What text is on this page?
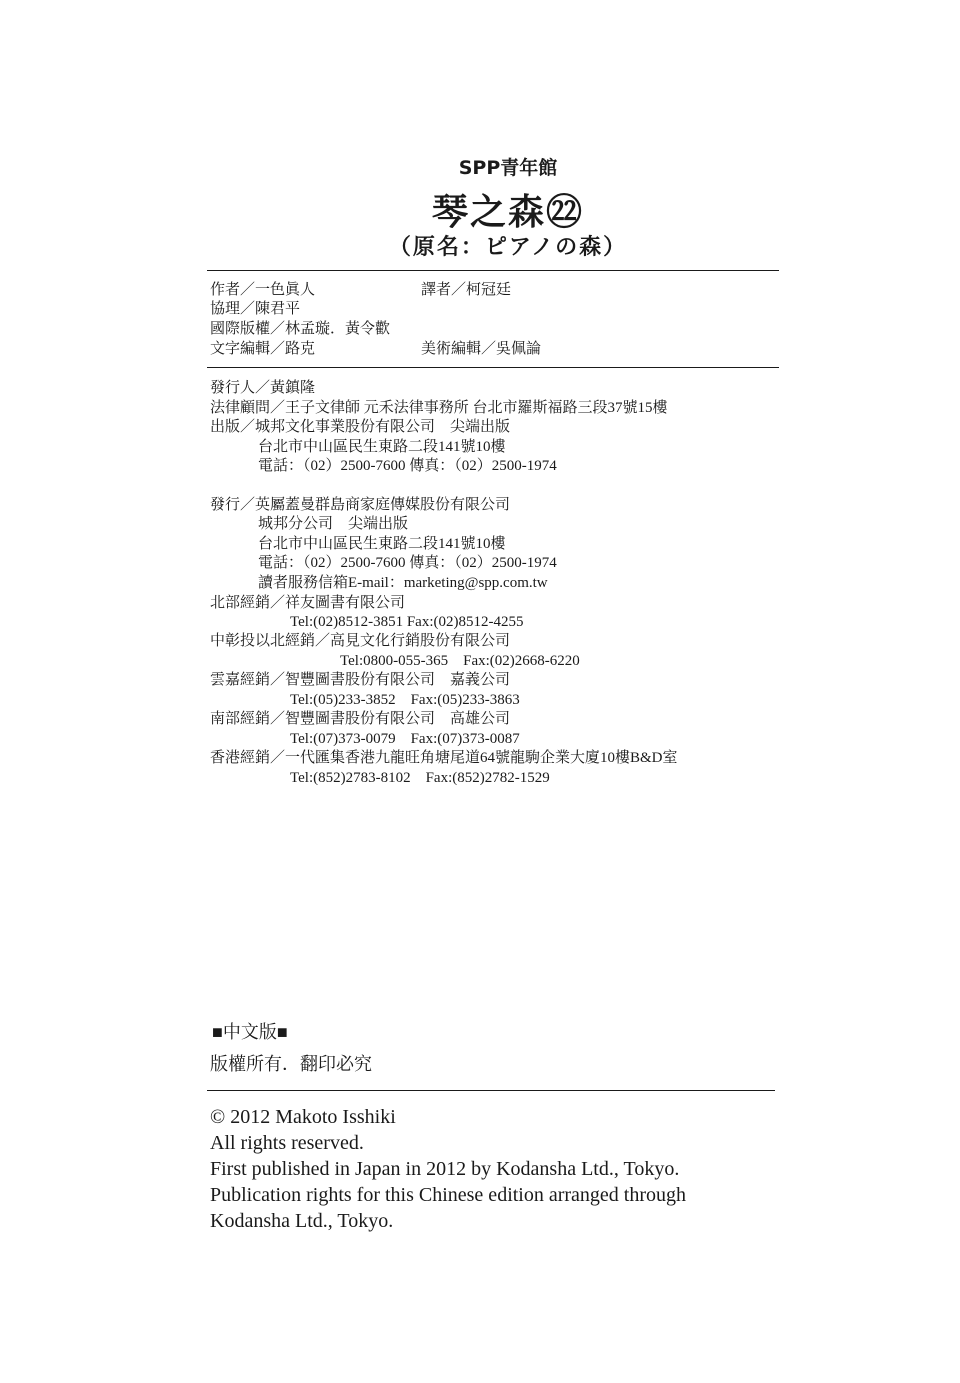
SPP青年館
琴之森㉒
（原名：ピアノの森）
作者／一色眞人	譯者／柯冠廷
協理／陳君平
國際版權／林孟璇．黃令歡
文字編輯／路克	美術編輯／吳佩論
發行人／黃鎮隆
法律顧問／王子文律師 元禾法律事務所 台北市羅斯福路三段37號15樓
出版／城邦文化事業股份有限公司　尖端出版
台北市中山區民生東路二段141號10樓
電話：（02）2500-7600 傳真：（02）2500-1974
發行／英屬蓋曼群島商家庭傳媒股份有限公司
城邦分公司　尖端出版
台北市中山區民生東路二段141號10樓
電話：（02）2500-7600 傳真：（02）2500-1974
讀者服務信箱E-mail：marketing@spp.com.tw
北部經銷／祥友圖書有限公司
Tel:(02)8512-3851 Fax:(02)8512-4255
中彰投以北經銷／高見文化行銷股份有限公司
Tel:0800-055-365　Fax:(02)2668-6220
雲嘉經銷／智豐圖書股份有限公司　嘉義公司
Tel:(05)233-3852　Fax:(05)233-3863
南部經銷／智豐圖書股份有限公司　高雄公司
Tel:(07)373-0079　Fax:(07)373-0087
香港經銷／一代匯集香港九龍旺角塘尾道64號龍駒企業大廈10樓B&D室
Tel:(852)2783-8102　Fax:(852)2782-1529
■中文版■
版權所有．翻印必究
© 2012 Makoto Isshiki
All rights reserved.
First published in Japan in 2012 by Kodansha Ltd., Tokyo.
Publication rights for this Chinese edition arranged through
Kodansha Ltd., Tokyo.
